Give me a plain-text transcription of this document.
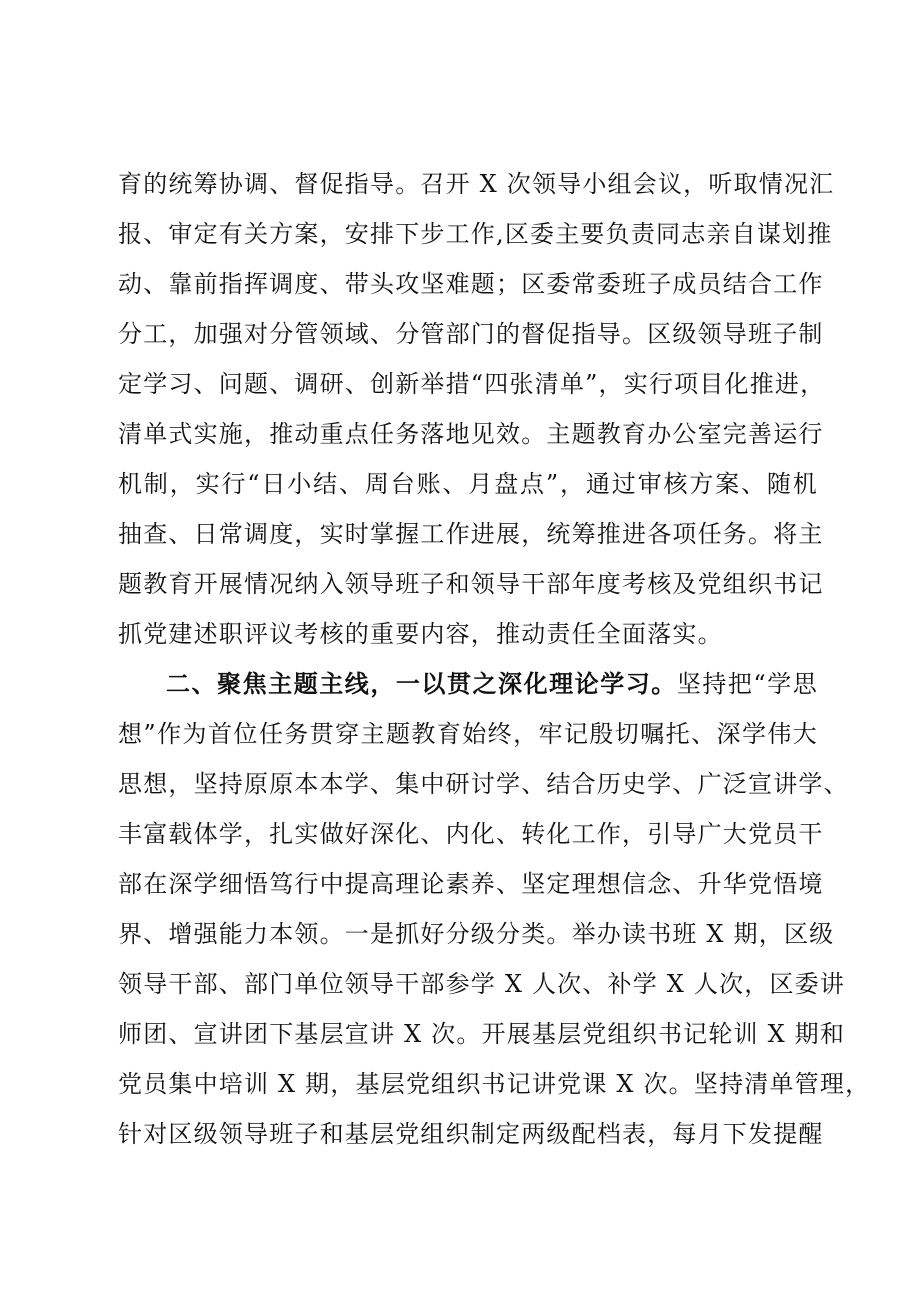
育的统筹协调、督促指导。召开 X 次领导小组会议，听取情况汇
报、审定有关方案，安排下步工作,区委主要负责同志亲自谋划推
动、靠前指挥调度、带头攻坚难题；区委常委班子成员结合工作
分工，加强对分管领域、分管部门的督促指导。区级领导班子制
定学习、问题、调研、创新举措“四张清单”，实行项目化推进，
清单式实施，推动重点任务落地见效。主题教育办公室完善运行
机制，实行“日小结、周台账、月盘点”，通过审核方案、随机
抽查、日常调度，实时掌握工作进展，统筹推进各项任务。将主
题教育开展情况纳入领导班子和领导干部年度考核及党组织书记
抓党建述职评议考核的重要内容，推动责任全面落实。
二、聚焦主题主线，一以贯之深化理论学习。坚持把“学思
想”作为首位任务贯穿主题教育始终，牢记殷切嘱托、深学伟大
思想，坚持原原本本学、集中研讨学、结合历史学、广泛宣讲学、
丰富载体学，扎实做好深化、内化、转化工作，引导广大党员干
部在深学细悟笃行中提高理论素养、坚定理想信念、升华党悟境
界、增强能力本领。一是抓好分级分类。举办读书班 X 期，区级
领导干部、部门单位领导干部参学 X 人次、补学 X 人次，区委讲
师团、宣讲团下基层宣讲 X 次。开展基层党组织书记轮训 X 期和
党员集中培训 X 期，基层党组织书记讲党课 X 次。坚持清单管理，
针对区级领导班子和基层党组织制定两级配档表，每月下发提醒
